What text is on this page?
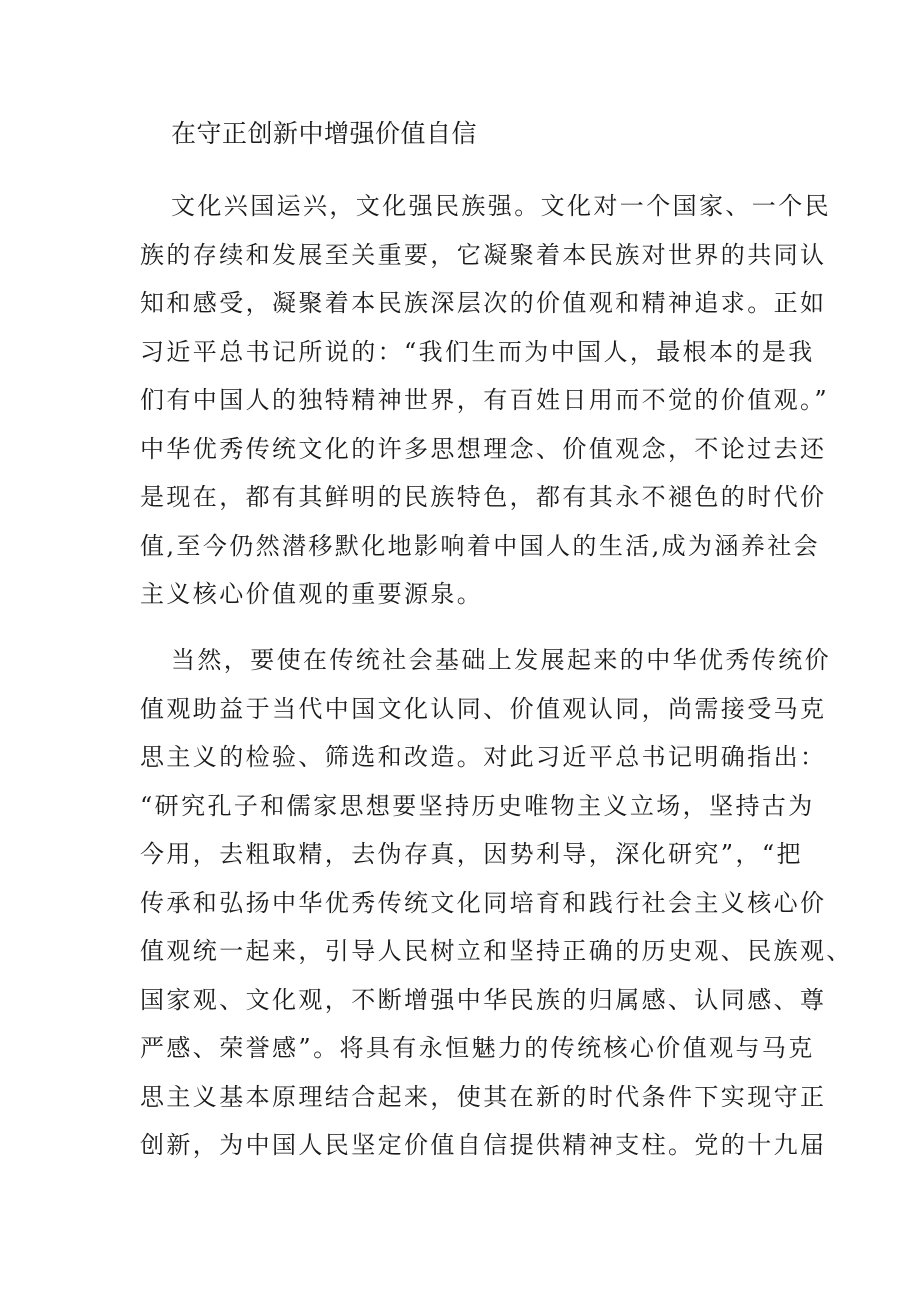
在守正创新中增强价值自信

文化兴国运兴，文化强民族强。文化对一个国家、一个民
族的存续和发展至关重要，它凝聚着本民族对世界的共同认
知和感受，凝聚着本民族深层次的价值观和精神追求。正如
习近平总书记所说的：“我们生而为中国人，最根本的是我
们有中国人的独特精神世界，有百姓日用而不觉的价值观。”
中华优秀传统文化的许多思想理念、价值观念，不论过去还
是现在，都有其鲜明的民族特色，都有其永不褪色的时代价
值,至今仍然潜移默化地影响着中国人的生活,成为涵养社会
主义核心价值观的重要源泉。

当然，要使在传统社会基础上发展起来的中华优秀传统价
值观助益于当代中国文化认同、价值观认同，尚需接受马克
思主义的检验、筛选和改造。对此习近平总书记明确指出：
“研究孔子和儒家思想要坚持历史唯物主义立场，坚持古为
今用，去粗取精，去伪存真，因势利导，深化研究”，“把
传承和弘扬中华优秀传统文化同培育和践行社会主义核心价
值观统一起来，引导人民树立和坚持正确的历史观、民族观、
国家观、文化观，不断增强中华民族的归属感、认同感、尊
严感、荣誉感”。将具有永恒魅力的传统核心价值观与马克
思主义基本原理结合起来，使其在新的时代条件下实现守正
创新，为中国人民坚定价值自信提供精神支柱。党的十九届
